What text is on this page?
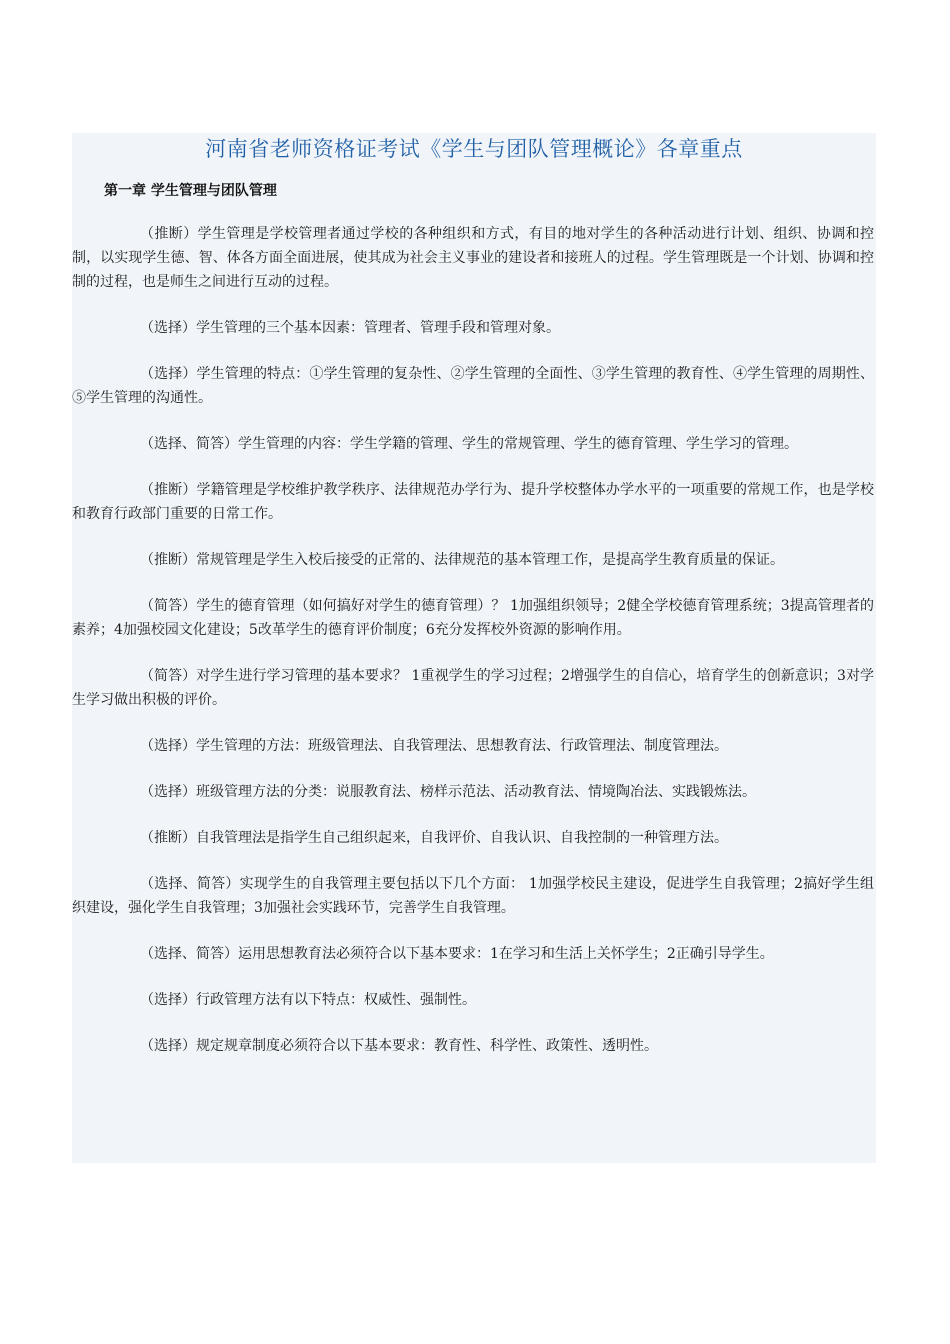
河南省老师资格证考试《学生与团队管理概论》各章重点
第一章 学生管理与团队管理

（推断）学生管理是学校管理者通过学校的各种组织和方式，有目的地对学生的各种活动进行计划、组织、协调和控制，以实现学生德、智、体各方面全面进展，使其成为社会主义事业的建设者和接班人的过程。学生管理既是一个计划、协调和控制的过程，也是师生之间进行互动的过程。

（选择）学生管理的三个基本因素：管理者、管理手段和管理对象。

（选择）学生管理的特点：①学生管理的复杂性、②学生管理的全面性、③学生管理的教育性、④学生管理的周期性、⑤学生管理的沟通性。

（选择、简答）学生管理的内容：学生学籍的管理、学生的常规管理、学生的德育管理、学生学习的管理。

（推断）学籍管理是学校维护教学秩序、法律规范办学行为、提升学校整体办学水平的一项重要的常规工作，也是学校和教育行政部门重要的日常工作。

（推断）常规管理是学生入校后接受的正常的、法律规范的基本管理工作，是提高学生教育质量的保证。

（简答）学生的德育管理（如何搞好对学生的德育管理）？ 1加强组织领导；2健全学校德育管理系统；3提高管理者的素养；4加强校园文化建设；5改革学生的德育评价制度；6充分发挥校外资源的影响作用。

（简答）对学生进行学习管理的基本要求？ 1重视学生的学习过程；2增强学生的自信心，培育学生的创新意识；3对学生学习做出积极的评价。

（选择）学生管理的方法：班级管理法、自我管理法、思想教育法、行政管理法、制度管理法。

（选择）班级管理方法的分类：说服教育法、榜样示范法、活动教育法、情境陶冶法、实践锻炼法。

（推断）自我管理法是指学生自己组织起来，自我评价、自我认识、自我控制的一种管理方法。

（选择、简答）实现学生的自我管理主要包括以下几个方面： 1加强学校民主建设，促进学生自我管理；2搞好学生组织建设，强化学生自我管理；3加强社会实践环节，完善学生自我管理。

（选择、简答）运用思想教育法必须符合以下基本要求：1在学习和生活上关怀学生；2正确引导学生。

（选择）行政管理方法有以下特点：权威性、强制性。

（选择）规定规章制度必须符合以下基本要求：教育性、科学性、政策性、透明性。
